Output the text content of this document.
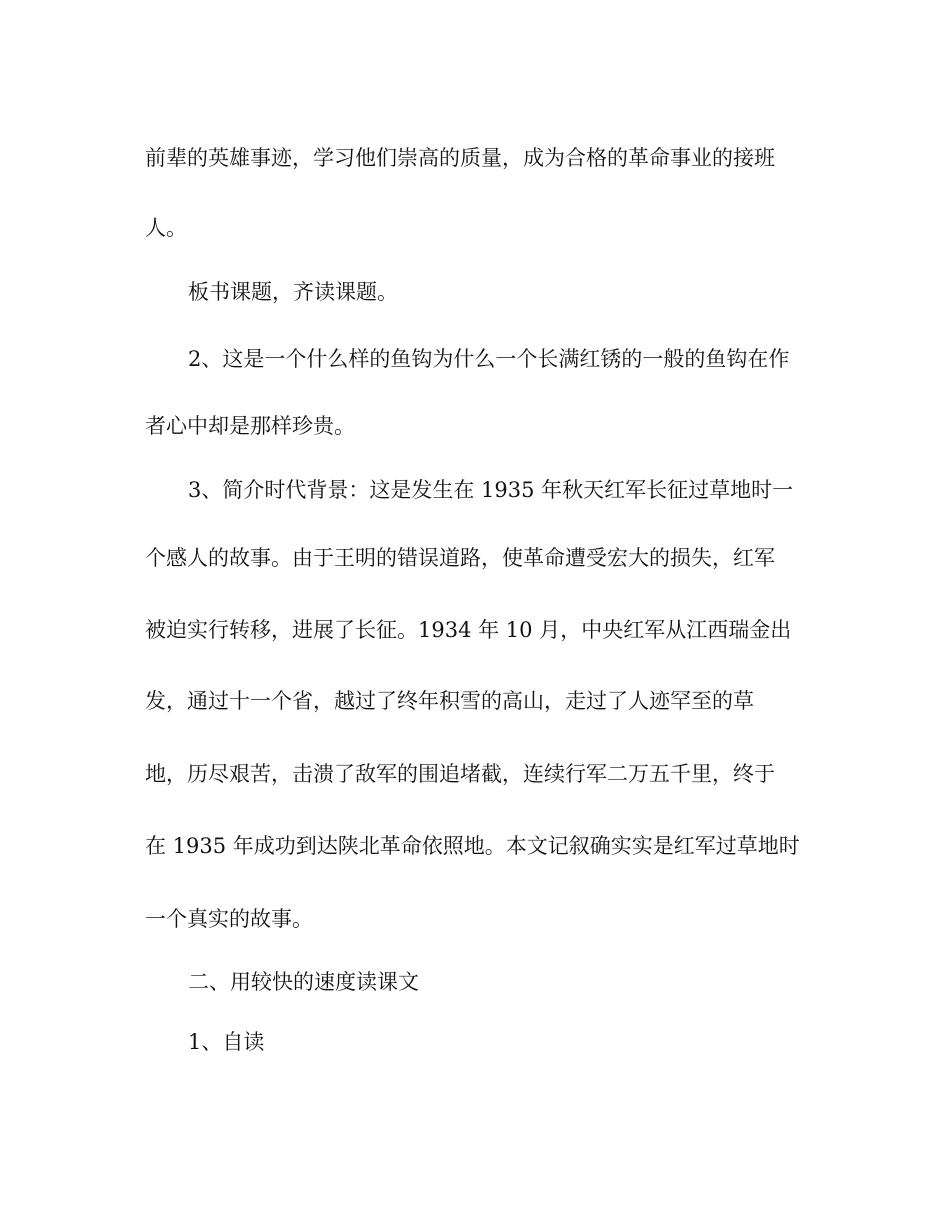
前辈的英雄事迹，学习他们崇高的质量，成为合格的革命事业的接班

人。

板书课题，齐读课题。

2、这是一个什么样的鱼钩为什么一个长满红锈的一般的鱼钩在作

者心中却是那样珍贵。

3、简介时代背景：这是发生在 1935 年秋天红军长征过草地时一

个感人的故事。由于王明的错误道路，使革命遭受宏大的损失，红军

被迫实行转移，进展了长征。1934 年 10 月，中央红军从江西瑞金出

发，通过十一个省，越过了终年积雪的高山，走过了人迹罕至的草

地，历尽艰苦，击溃了敌军的围追堵截，连续行军二万五千里，终于

在 1935 年成功到达陕北革命依照地。本文记叙确实实是红军过草地时

一个真实的故事。

二、用较快的速度读课文

1、自读
